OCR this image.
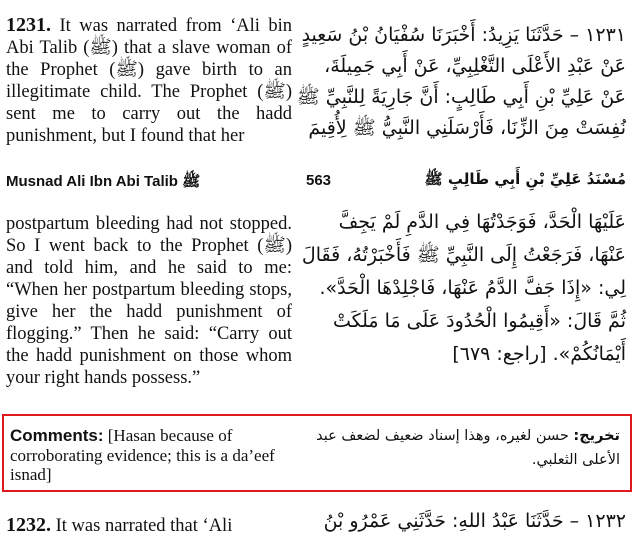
1231. It was narrated from ‘Ali bin Abi Talib (ﷺ) that a slave woman of the Prophet (ﷺ) gave birth to an illegitimate child. The Prophet (ﷺ) sent me to carry out the hadd punishment, but I found that her
١٢٣١ – حَدَّثَنَا يَزِيدُ: أَخْبَرَنَا سُفْيَانُ بْنُ سَعِيدٍ
عَنْ عَبْدِ الأَعْلَى التَّغْلِبِيِّ، عَنْ أَبِي جَمِيلَةَ،
عَنْ عَلِيِّ بْنِ أَبِي طَالِبٍ: أَنَّ جَارِيَةً لِلنَّبِيِّ ﷺ
نُفِسَتْ مِنَ الزِّنَا، فَأَرْسَلَنِي النَّبِيُّ ﷺ لِأُقِيمَ
Musnad Ali Ibn Abi Talib ﷺ	563	مُسْنَدُ عَلِيِّ بْنِ أَبِي طَالِبٍ ﷺ
postpartum bleeding had not stopped. So I went back to the Prophet (ﷺ) and told him, and he said to me: “When her postpartum bleeding stops, give her the hadd punishment of flogging.” Then he said: “Carry out the hadd punishment on those whom your right hands possess.”
عَلَيْهَا الْحَدَّ، فَوَجَدْتُهَا فِي الدَّمِ لَمْ يَجِفَّ
عَنْهَا، فَرَجَعْتُ إِلَى النَّبِيِّ ﷺ فَأَخْبَرْتُهُ، فَقَالَ
لِي: «إِذَا جَفَّ الدَّمُ عَنْهَا، فَاجْلِدْهَا الْحَدَّ».
ثُمَّ قَالَ: «أَقِيمُوا الْحُدُودَ عَلَى مَا مَلَكَتْ
أَيْمَانُكُمْ». [راجع: ٦٧٩]
Comments: [Hasan because of corroborating evidence; this is a da’eef isnad]
تخريج: حسن لغيره، وهذا إسناد ضعيف لضعف عبد الأعلى الثعلبي.
1232. It was narrated that ‘Ali	١٢٣٢ – حَدَّثَنَا عَبْدُ اللهِ: حَدَّثَنِي عَمْرُو بْنُ
